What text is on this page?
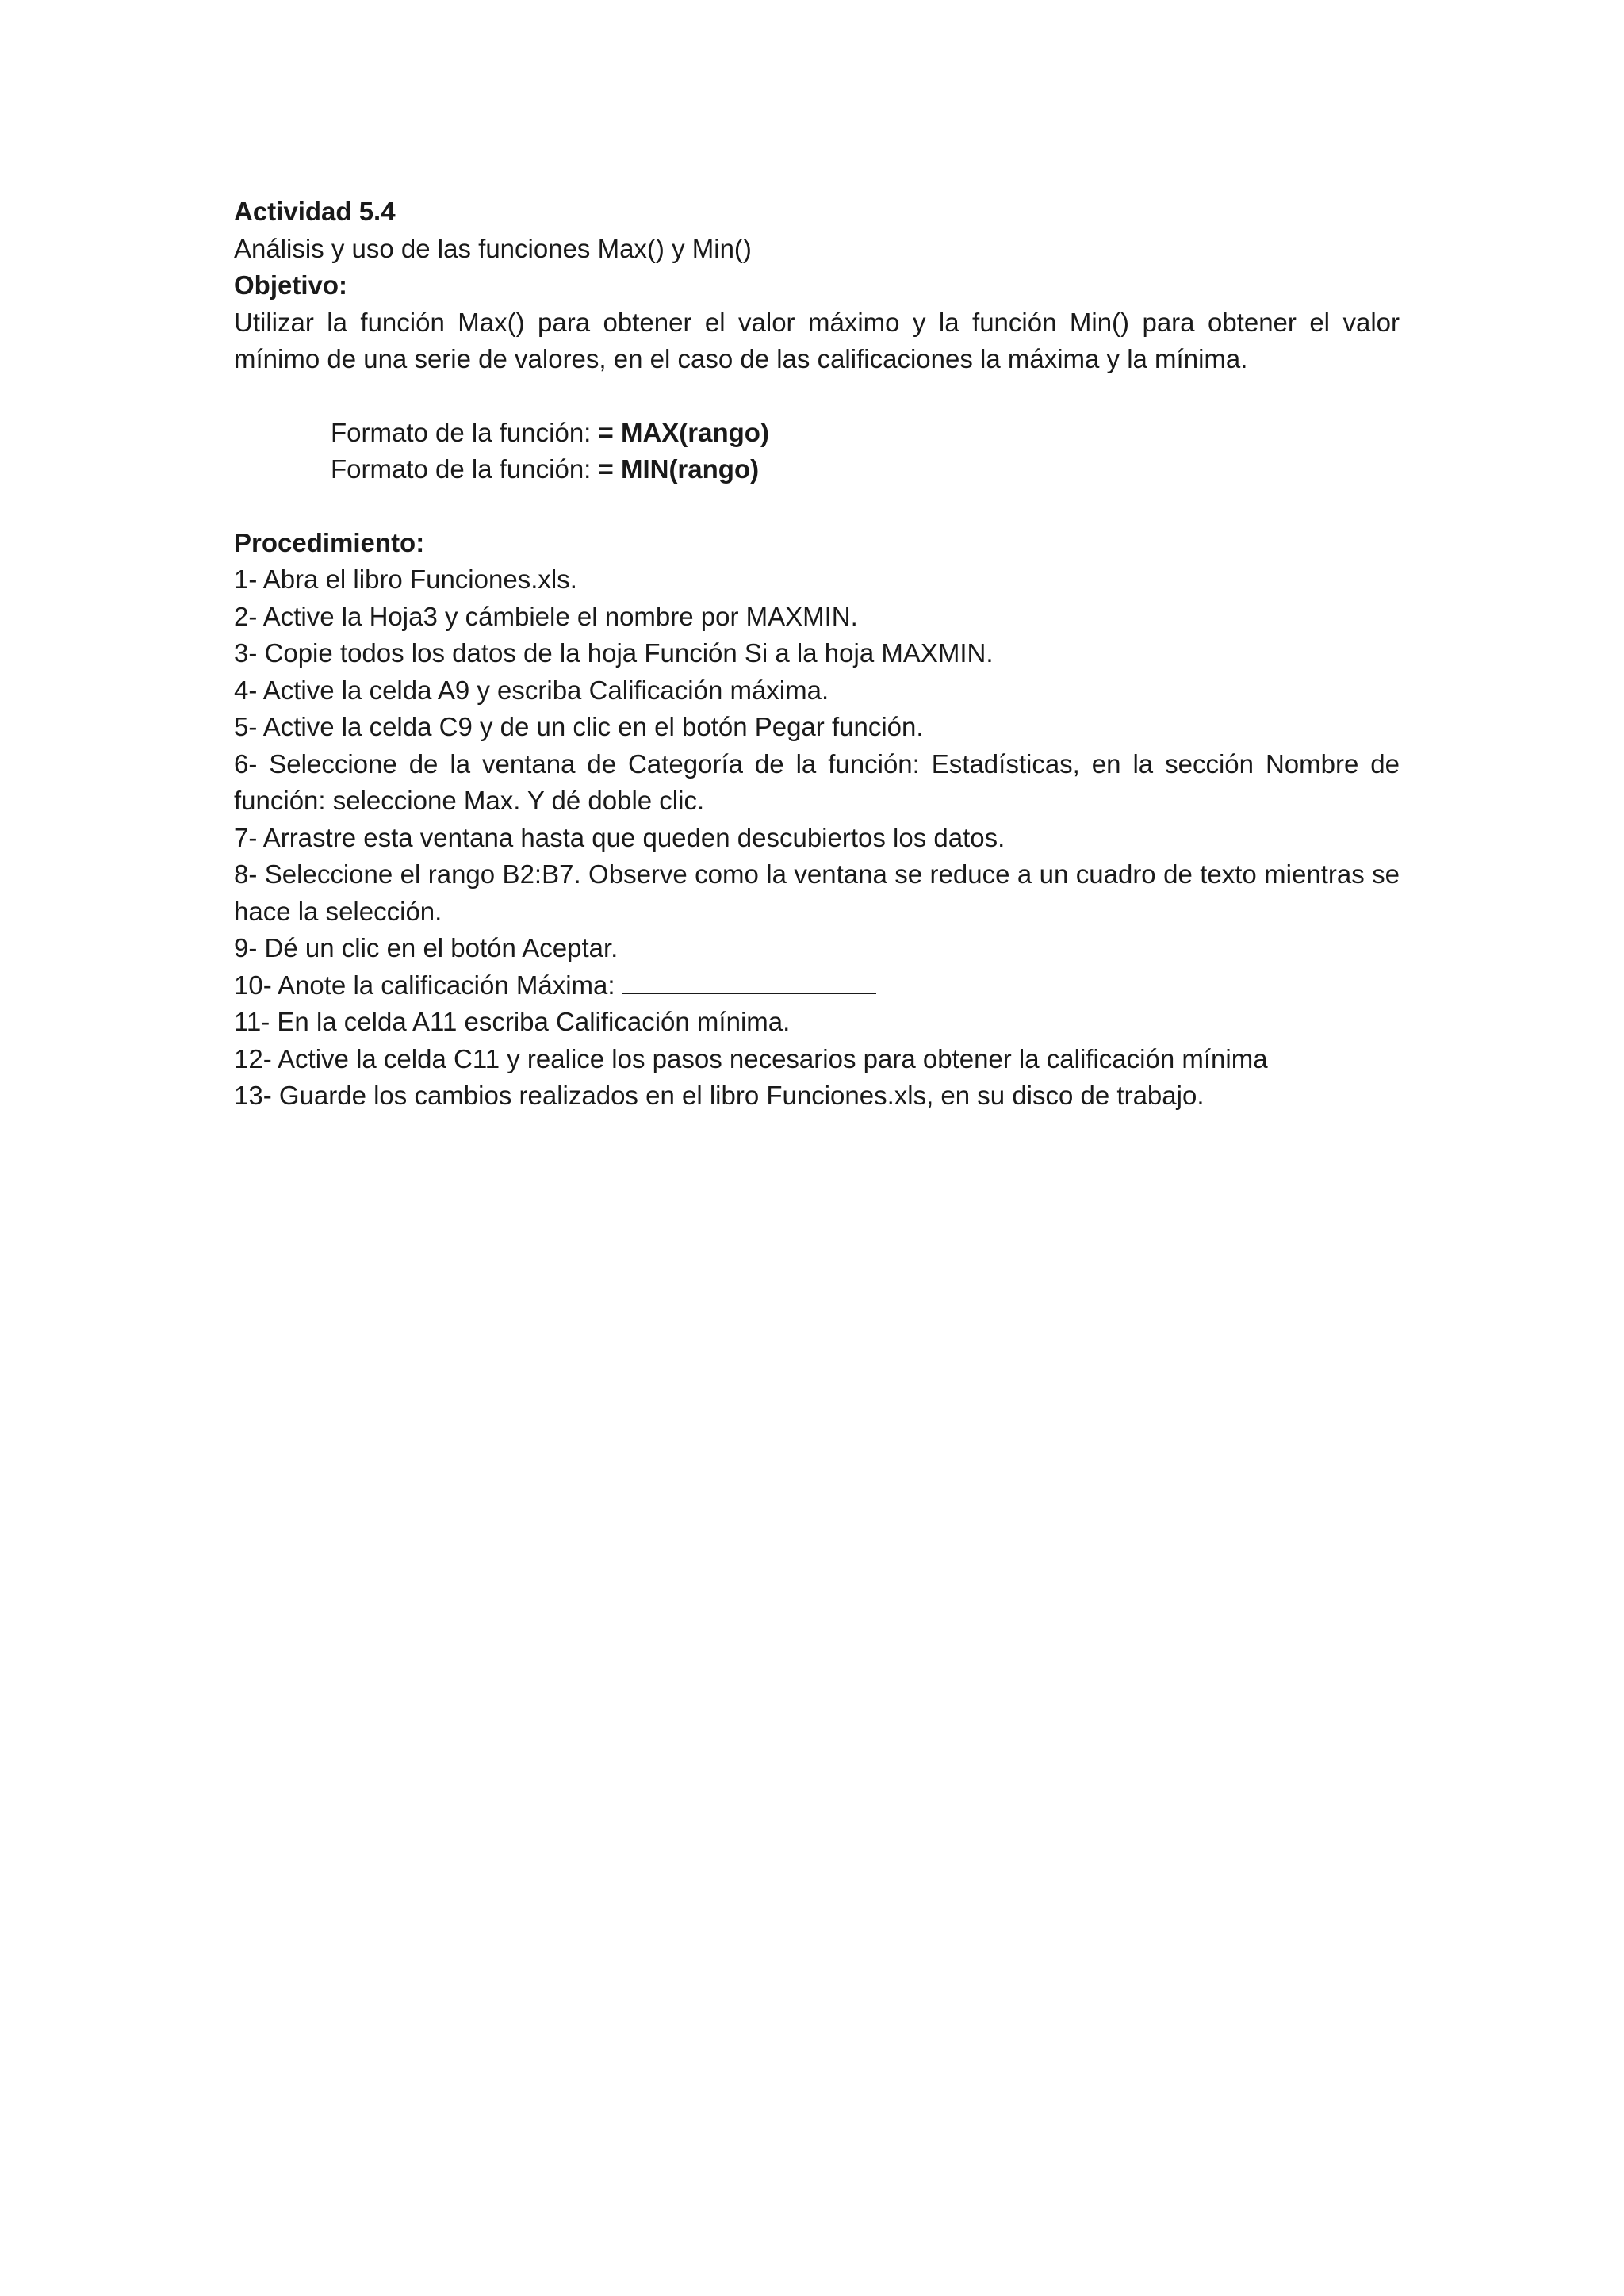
Actividad 5.4
Análisis y uso de las funciones Max() y Min()
Objetivo:
Utilizar la función Max() para obtener el valor máximo y la función Min() para obtener el valor mínimo de una serie de valores, en el caso de las calificaciones la máxima y la mínima.
Formato de la función: = MAX(rango)
Formato de la función: = MIN(rango)
Procedimiento:
1- Abra el libro Funciones.xls.
2- Active la Hoja3 y cámbiele el nombre por MAXMIN.
3- Copie todos los datos de la hoja Función Si a la hoja MAXMIN.
4- Active la celda A9 y escriba Calificación máxima.
5- Active la celda C9 y de un clic en el botón Pegar función.
6- Seleccione de la ventana de Categoría de la función: Estadísticas, en la sección Nombre de función: seleccione Max. Y dé doble clic.
7- Arrastre esta ventana hasta que queden descubiertos los datos.
8- Seleccione el rango B2:B7. Observe como la ventana se reduce a un cuadro de texto mientras se hace la selección.
9- Dé un clic en el botón Aceptar.
10- Anote la calificación Máxima:
11- En la celda A11 escriba Calificación mínima.
12- Active la celda C11 y realice los pasos necesarios para obtener la calificación mínima
13- Guarde los cambios realizados en el libro Funciones.xls, en su disco de trabajo.
